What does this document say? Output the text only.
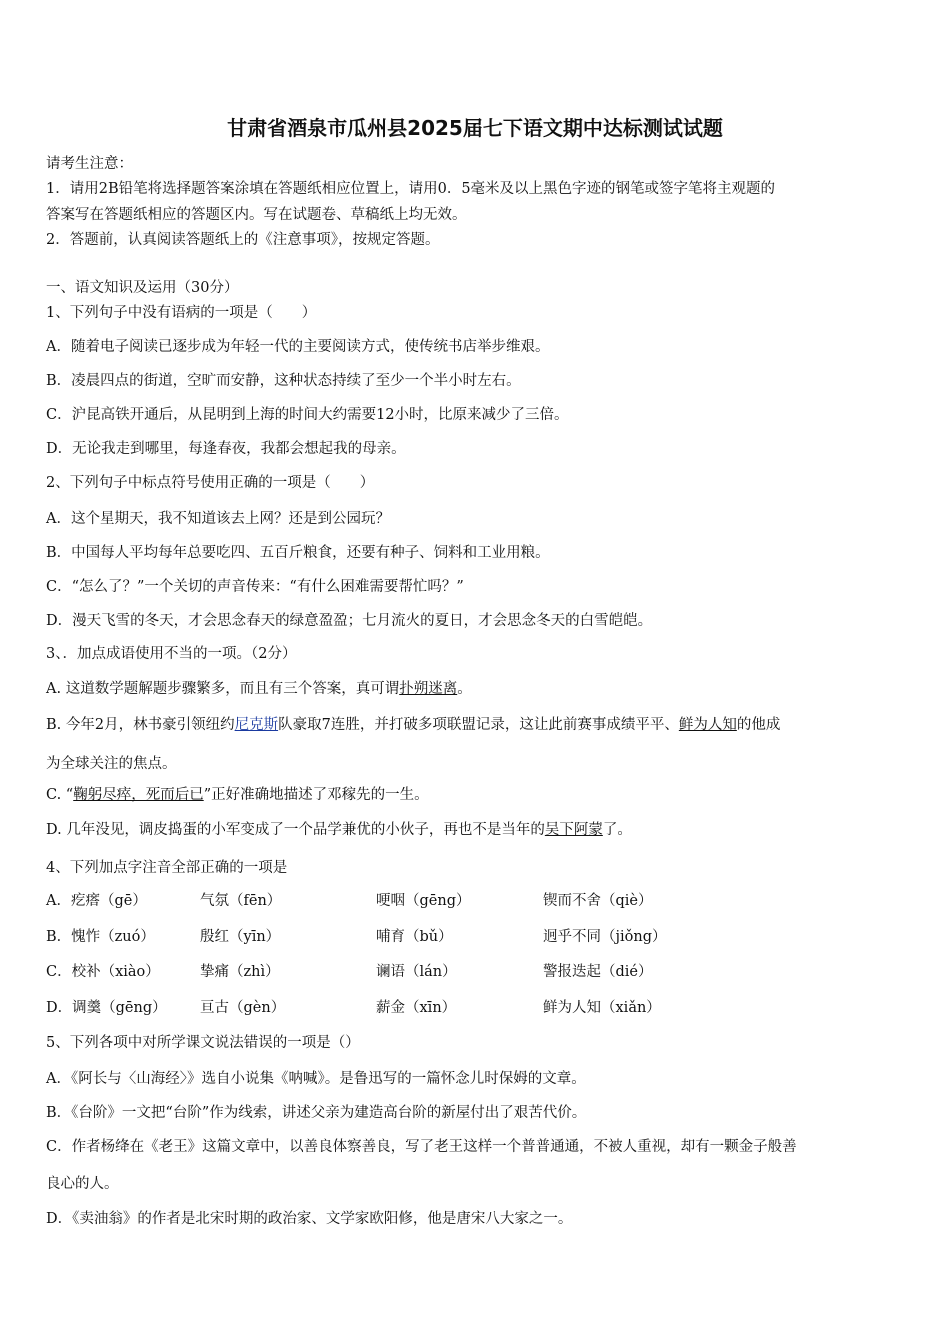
甘肃省酒泉市瓜州县2025届七下语文期中达标测试试题
请考生注意：
1．请用2B铅笔将选择题答案涂填在答题纸相应位置上，请用0．5毫米及以上黑色字迹的钢笔或签字笔将主观题的
答案写在答题纸相应的答题区内。写在试题卷、草稿纸上均无效。
2．答题前，认真阅读答题纸上的《注意事项》，按规定答题。
一、语文知识及运用（30分）
1、下列句子中没有语病的一项是（　　）
A．随着电子阅读已逐步成为年轻一代的主要阅读方式，使传统书店举步维艰。
B．凌晨四点的街道，空旷而安静，这种状态持续了至少一个半小时左右。
C．沪昆高铁开通后，从昆明到上海的时间大约需要12小时，比原来减少了三倍。
D．无论我走到哪里，每逢春夜，我都会想起我的母亲。
2、下列句子中标点符号使用正确的一项是（　　）
A．这个星期天，我不知道该去上网？还是到公园玩？
B．中国每人平均每年总要吃四、五百斤粮食，还要有种子、饲料和工业用粮。
C．“怎么了？”一个关切的声音传来：“有什么困难需要帮忙吗？”
D．漫天飞雪的冬天，才会思念春天的绿意盈盈；七月流火的夏日，才会思念冬天的白雪皑皑。
3、．加点成语使用不当的一项。（2分）
A. 这道数学题解题步骤繁多，而且有三个答案，真可谓扑朔迷离。
B. 今年2月，林书豪引领纽约尼克斯队豪取7连胜，并打破多项联盟记录，这让此前赛事成绩平平、鲜为人知的他成
为全球关注的焦点。
C. “鞠躬尽瘁，死而后已”正好准确地描述了邓稼先的一生。
D. 几年没见，调皮捣蛋的小军变成了一个品学兼优的小伙子，再也不是当年的吴下阿蒙了。
4、下列加点字注音全部正确的一项是
A．疙瘩（gē）	气氛（fēn）	哽咽（gēng）	锲而不舍（qiè）
B．愧怍（zuó）	殷红（yīn）	哺育（bǔ）	迥乎不同（jiǒng）
C．校补（xiào）	挚痛（zhì）	谰语（lán）	警报迭起（dié）
D．调羹（gēng） 亘古（gèn）	薪金（xīn）	鲜为人知（xiǎn）
5、下列各项中对所学课文说法错误的一项是（）
A．《阿长与〈山海经〉》选自小说集《呐喊》。是鲁迅写的一篇怀念儿时保姆的文章。
B．《台阶》一文把“台阶”作为线索，讲述父亲为建造高台阶的新屋付出了艰苦代价。
C．作者杨绛在《老王》这篇文章中，以善良体察善良，写了老王这样一个普普通通，不被人重视，却有一颗金子般善
良心的人。
D．《卖油翁》的作者是北宋时期的政治家、文学家欧阳修，他是唐宋八大家之一。
